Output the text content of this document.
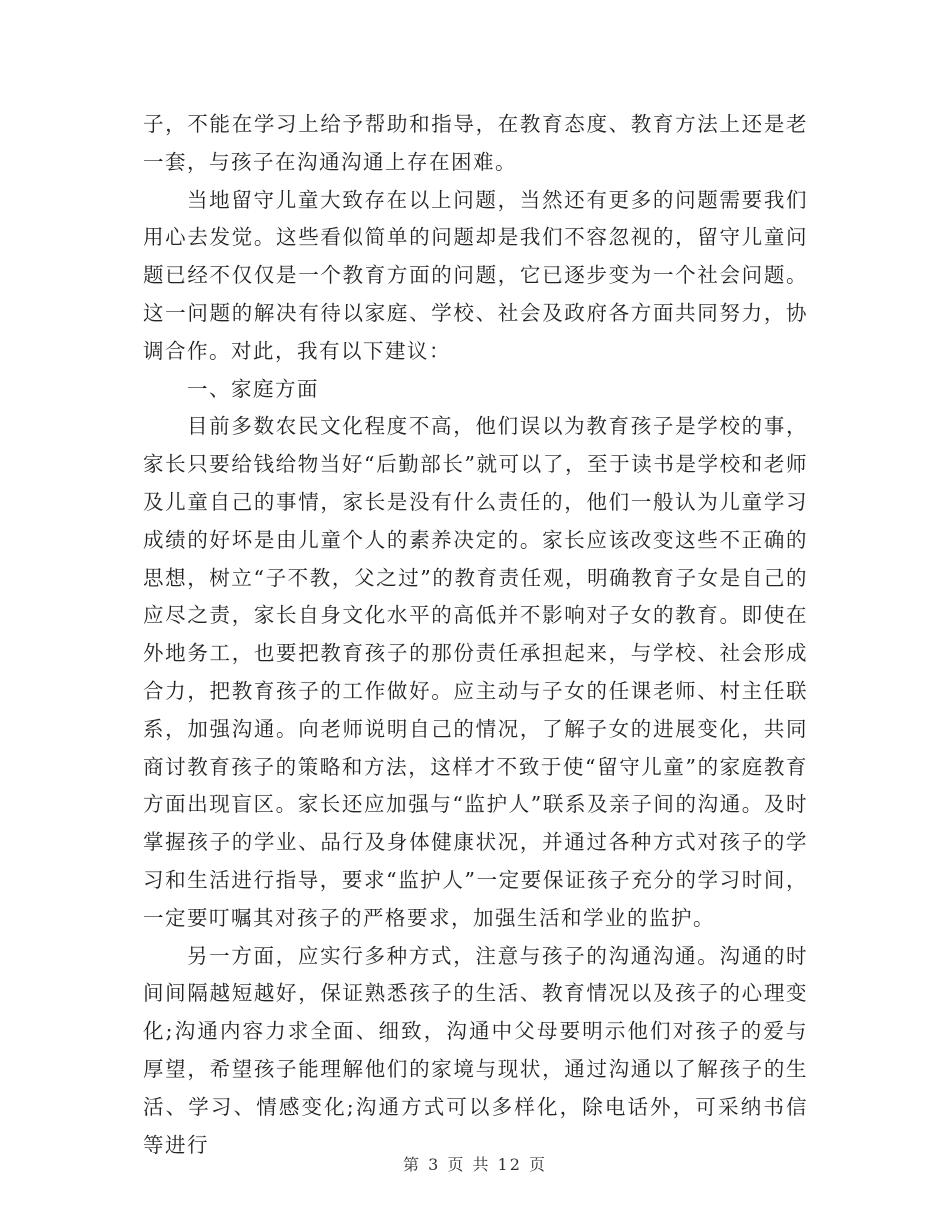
子，不能在学习上给予帮助和指导，在教育态度、教育方法上还是老一套，与孩子在沟通沟通上存在困难。

当地留守儿童大致存在以上问题，当然还有更多的问题需要我们用心去发觉。这些看似简单的问题却是我们不容忽视的，留守儿童问题已经不仅仅是一个教育方面的问题，它已逐步变为一个社会问题。这一问题的解决有待以家庭、学校、社会及政府各方面共同努力，协调合作。对此，我有以下建议：

一、家庭方面

目前多数农民文化程度不高，他们误以为教育孩子是学校的事，家长只要给钱给物当好“后勤部长”就可以了，至于读书是学校和老师及儿童自己的事情，家长是没有什么责任的，他们一般认为儿童学习成绩的好坏是由儿童个人的素养决定的。家长应该改变这些不正确的思想，树立“子不教，父之过”的教育责任观，明确教育子女是自己的应尽之责，家长自身文化水平的高低并不影响对子女的教育。即使在外地务工，也要把教育孩子的那份责任承担起来，与学校、社会形成合力，把教育孩子的工作做好。应主动与子女的任课老师、村主任联系，加强沟通。向老师说明自己的情况，了解子女的进展变化，共同商讨教育孩子的策略和方法，这样才不致于使“留守儿童”的家庭教育方面出现盲区。家长还应加强与“监护人”联系及亲子间的沟通。及时掌握孩子的学业、品行及身体健康状况，并通过各种方式对孩子的学习和生活进行指导，要求“监护人”一定要保证孩子充分的学习时间，一定要叮嘱其对孩子的严格要求，加强生活和学业的监护。

另一方面，应实行多种方式，注意与孩子的沟通沟通。沟通的时间间隔越短越好，保证熟悉孩子的生活、教育情况以及孩子的心理变化;沟通内容力求全面、细致，沟通中父母要明示他们对孩子的爱与厚望，希望孩子能理解他们的家境与现状，通过沟通以了解孩子的生活、学习、情感变化;沟通方式可以多样化，除电话外，可采纳书信等进行

第 3 页 共 12 页
